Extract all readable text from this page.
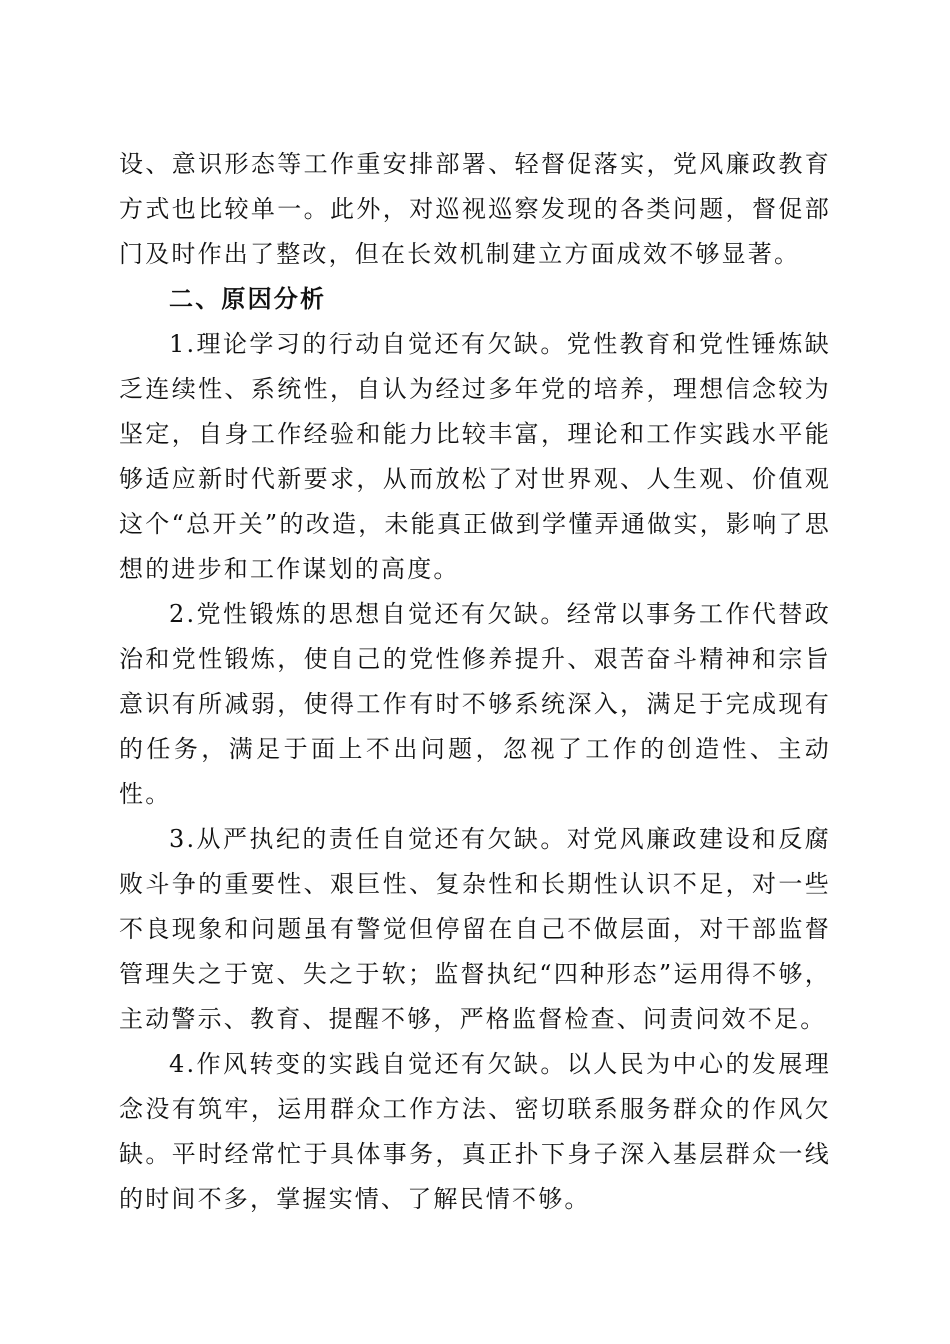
设、意识形态等工作重安排部署、轻督促落实，党风廉政教育方式也比较单一。此外，对巡视巡察发现的各类问题，督促部门及时作出了整改，但在长效机制建立方面成效不够显著。

二、原因分析

1.理论学习的行动自觉还有欠缺。党性教育和党性锤炼缺乏连续性、系统性，自认为经过多年党的培养，理想信念较为坚定，自身工作经验和能力比较丰富，理论和工作实践水平能够适应新时代新要求，从而放松了对世界观、人生观、价值观这个“总开关”的改造，未能真正做到学懂弄通做实，影响了思想的进步和工作谋划的高度。

2.党性锻炼的思想自觉还有欠缺。经常以事务工作代替政治和党性锻炼，使自己的党性修养提升、艰苦奋斗精神和宗旨意识有所减弱，使得工作有时不够系统深入，满足于完成现有的任务，满足于面上不出问题，忽视了工作的创造性、主动性。

3.从严执纪的责任自觉还有欠缺。对党风廉政建设和反腐败斗争的重要性、艰巨性、复杂性和长期性认识不足，对一些不良现象和问题虽有警觉但停留在自己不做层面，对干部监督管理失之于宽、失之于软；监督执纪“四种形态”运用得不够，主动警示、教育、提醒不够，严格监督检查、问责问效不足。

4.作风转变的实践自觉还有欠缺。以人民为中心的发展理念没有筑牢，运用群众工作方法、密切联系服务群众的作风欠缺。平时经常忙于具体事务，真正扑下身子深入基层群众一线的时间不多，掌握实情、了解民情不够。
